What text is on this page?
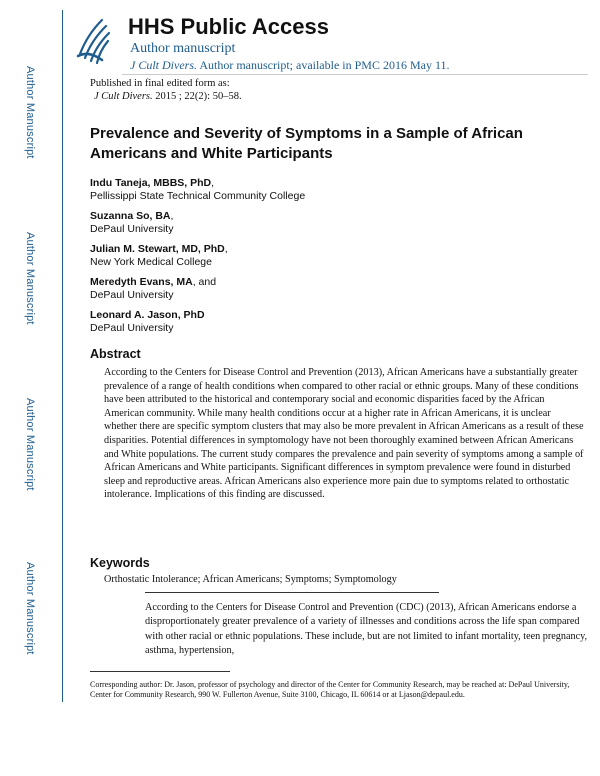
Author Manuscript
Author Manuscript
Author Manuscript
Author Manuscript
HHS Public Access
Author manuscript
J Cult Divers. Author manuscript; available in PMC 2016 May 11.
Published in final edited form as:
J Cult Divers. 2015 ; 22(2): 50–58.
Prevalence and Severity of Symptoms in a Sample of African Americans and White Participants
Indu Taneja, MBBS, PhD,
Pellissippi State Technical Community College
Suzanna So, BA,
DePaul University
Julian M. Stewart, MD, PhD,
New York Medical College
Meredyth Evans, MA, and
DePaul University
Leonard A. Jason, PhD
DePaul University
Abstract
According to the Centers for Disease Control and Prevention (2013), African Americans have a substantially greater prevalence of a range of health conditions when compared to other racial or ethnic groups. Many of these conditions have been attributed to the historical and contemporary social and economic disparities faced by the African American community. While many health conditions occur at a higher rate in African Americans, it is unclear whether there are specific symptom clusters that may also be more prevalent in African Americans as a result of these disparities. Potential differences in symptomology have not been thoroughly examined between African Americans and White populations. The current study compares the prevalence and pain severity of symptoms among a sample of African Americans and White participants. Significant differences in symptom prevalence were found in disturbed sleep and reproductive areas. African Americans also experience more pain due to symptoms related to orthostatic intolerance. Implications of this finding are discussed.
Keywords
Orthostatic Intolerance; African Americans; Symptoms; Symptomology
According to the Centers for Disease Control and Prevention (CDC) (2013), African Americans endorse a disproportionately greater prevalence of a variety of illnesses and conditions across the life span compared with other racial or ethnic populations. These include, but are not limited to infant mortality, teen pregnancy, asthma, hypertension,
Corresponding author: Dr. Jason, professor of psychology and director of the Center for Community Research, may be reached at: DePaul University, Center for Community Research, 990 W. Fullerton Avenue, Suite 3100, Chicago, IL 60614 or at Ljason@depaul.edu.
